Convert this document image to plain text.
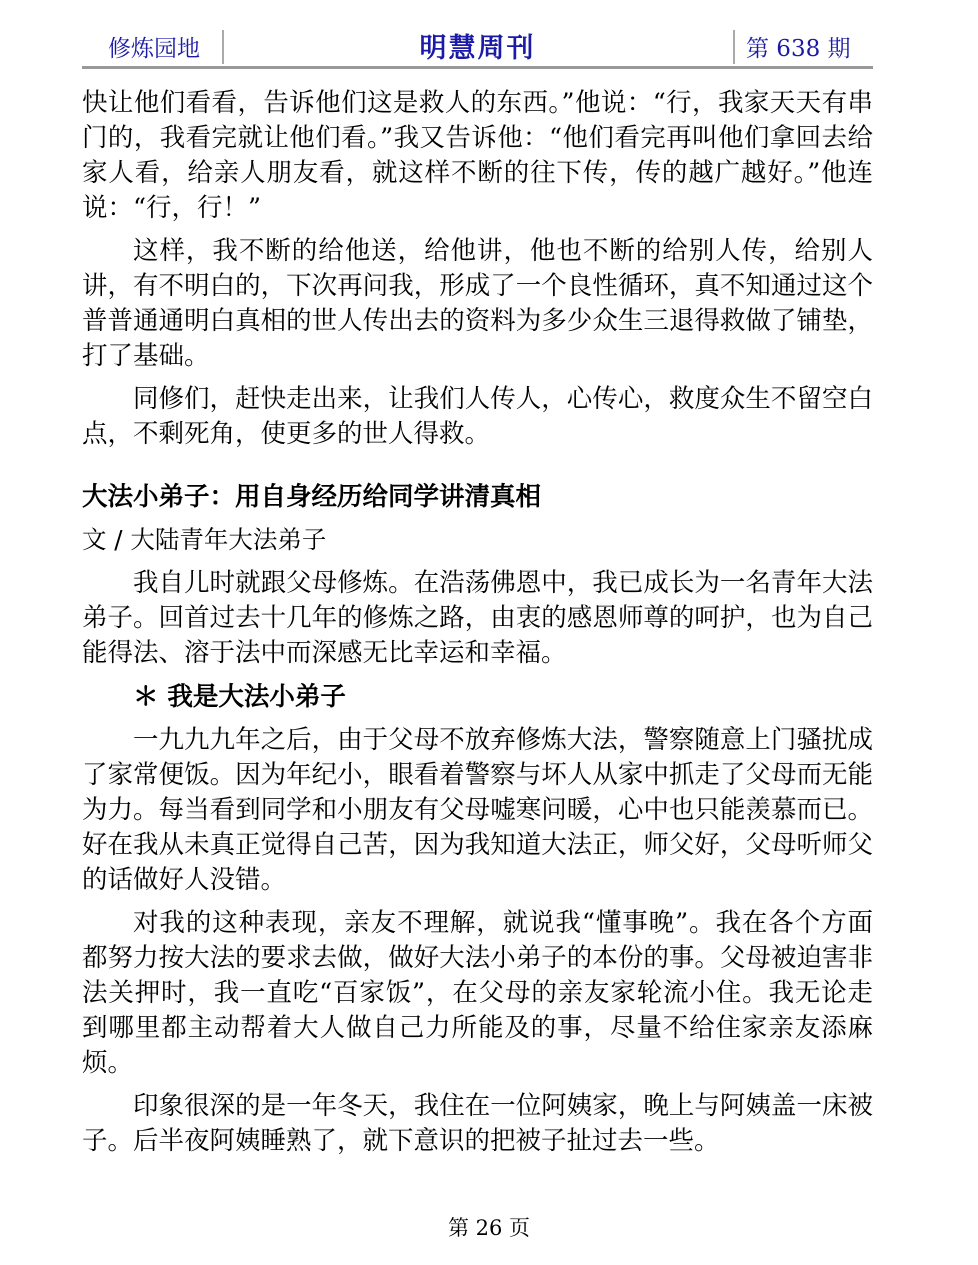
修炼园地	明慧周刊	第 638 期

快让他们看看，告诉他们这是救人的东西。”他说：“行，我家天天有串门的，我看完就让他们看。”我又告诉他：“他们看完再叫他们拿回去给家人看，给亲人朋友看，就这样不断的往下传，传的越广越好。”他连说：“行，行！”

这样，我不断的给他送，给他讲，他也不断的给别人传，给别人讲，有不明白的，下次再问我，形成了一个良性循环，真不知通过这个普普通通明白真相的世人传出去的资料为多少众生三退得救做了铺垫，打了基础。

同修们，赶快走出来，让我们人传人，心传心，救度众生不留空白点，不剩死角，使更多的世人得救。

大法小弟子：用自身经历给同学讲清真相

文 / 大陆青年大法弟子

我自儿时就跟父母修炼。在浩荡佛恩中，我已成长为一名青年大法弟子。回首过去十几年的修炼之路，由衷的感恩师尊的呵护，也为自己能得法、溶于法中而深感无比幸运和幸福。

＊ 我是大法小弟子

一九九九年之后，由于父母不放弃修炼大法，警察随意上门骚扰成了家常便饭。因为年纪小，眼看着警察与坏人从家中抓走了父母而无能为力。每当看到同学和小朋友有父母嘘寒问暖，心中也只能羡慕而已。好在我从未真正觉得自己苦，因为我知道大法正，师父好，父母听师父的话做好人没错。

对我的这种表现，亲友不理解，就说我“懂事晚”。我在各个方面都努力按大法的要求去做，做好大法小弟子的本份的事。父母被迫害非法关押时，我一直吃“百家饭”，在父母的亲友家轮流小住。我无论走到哪里都主动帮着大人做自己力所能及的事，尽量不给住家亲友添麻烦。

印象很深的是一年冬天，我住在一位阿姨家，晚上与阿姨盖一床被子。后半夜阿姨睡熟了，就下意识的把被子扯过去一些。

第 26 页
